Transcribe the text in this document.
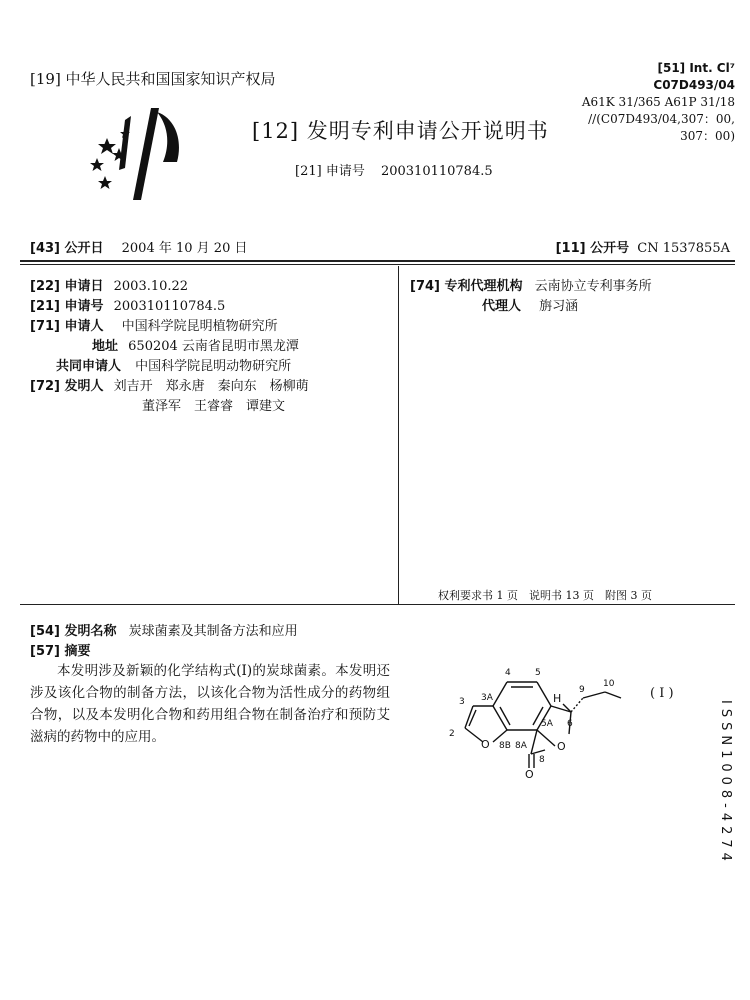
[19] 中华人民共和国国家知识产权局
[12] 发明专利申请公开说明书
[21] 申请号 200310110784.5
[51] Int. Cl⁷
C07D493/04
A61K 31/365 A61P 31/18
//(C07D493/04,307：00,
307：00)
[43] 公开日 2004 年 10 月 20 日	[11] 公开号 CN 1537855A
[22] 申请日 2003.10.22
[21] 申请号 200310110784.5
[71] 申请人 中国科学院昆明植物研究所
地址 650204 云南省昆明市黑龙潭
共同申请人 中国科学院昆明动物研究所
[72] 发明人 刘吉开　郑永唐　秦向东　杨柳萌
董泽军　王睿睿　谭建文
[74] 专利代理机构 云南协立专利事务所
代理人 旃习涵
权利要求书 1 页　说明书 13 页　附图 3 页
[54] 发明名称 炭球菌素及其制备方法和应用
[57] 摘要
本发明涉及新颖的化学结构式(I)的炭球菌素。本发明还涉及该化合物的制备方法，以该化合物为活性成分的药物组合物，以及本发明化合物和药用组合物在制备治疗和预防艾滋病的药物中的应用。
4	5
3A
3
9
10
H
5A 6
2
O 8B 8A	O
8
O
( I )
ISSN1008-4274
